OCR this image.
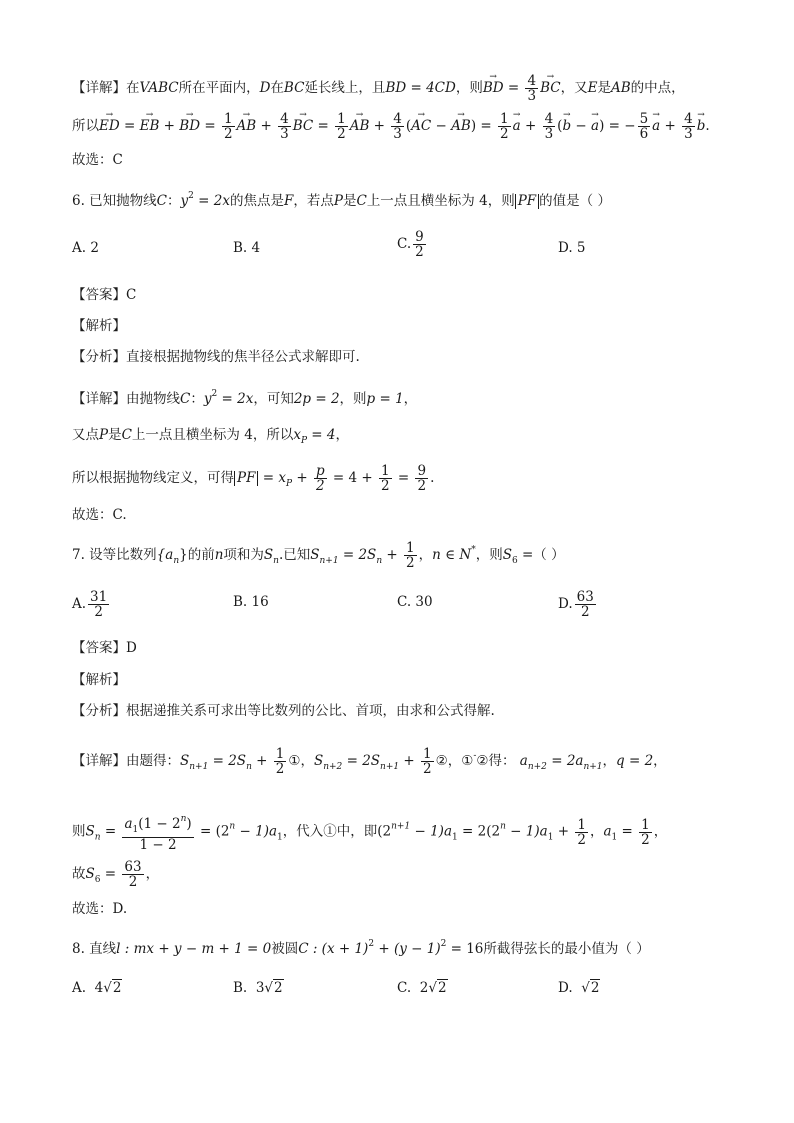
【详解】在VABC所在平面内，D在BC延长线上，且BD = 4CD，则→ BD = $\frac{4}{3}$
→ BC，又E是AB的中点，
所以→ ED = → EB + → BD = $\frac{1}{2}$
→ AB + $\frac{4}{3}$
→ BC = $\frac{1}{2}$
→ AB + $\frac{4}{3}$ (→ AC − → $AB) = \frac{1}{2}$
→ $a + \frac{4}{3}$ (→ b − → a) = − $\frac{5}{6}$
→ $a + \frac{4}{3}$
→ b.
故选：C
6. 已知抛物线C：$y^2 = 2x$的焦点是F，若点P是C上一点且横坐标为 4，则 PF 的值是（ ）
A. 2	B. 4	C. $\frac{9}{2}$	D. 5
【答案】C
【解析】
【分析】直接根据抛物线的焦半径公式求解即可.
【详解】由抛物线C：$y^2 = 2x$，可知2p = 2，则p = 1，
又点P是C上一点且横坐标为 4，所以$x_P = 4$，
所以根据抛物线定义，可得 PF = $x_P + \frac{p}{2} = 4 + \frac{1}{2} = \frac{9}{2}$ .
故选：C.
7. 设等比数列$\{a_n\}$的前n项和为$S_n$.已知$S_{n+1} = 2S_n + \frac{1}{2}$ ，n ∈ N*，则$S_6$ =（ ）
A. $\frac{31}{2}$	B. 16	C. 30	D. $\frac{63}{2}$
【答案】D
【解析】
【分析】根据递推关系可求出等比数列的公比、首项，由求和公式得解.
【详解】由题得：$S_{n+1} = 2S_n + \frac{1}{2}$ ①，$S_{n+2} = 2S_{n+1} + \frac{1}{2}$ ②，①-②得： $a_{n+2} = 2a_{n+1}$，q = 2，
则$S_n = \frac{a_1(1 - 2^n)}{1 - 2} = (2^n - 1)a_1$，代入①中，即$(2^{n+1} - 1)a_1 = 2(2^n - 1)a_1 + \frac{1}{2}$ ，$a_1 = \frac{1}{2}$ ，
故$S_6 = \frac{63}{2}$ ，
故选：D.
8. 直线l : mx + y − m + 1 = 0被圆C : $(x + 1)^2 + (y - 1)^2 = 16$所截得弦长的最小值为（ ）
A. 4√2	B. 3√2	C. 2√2	D. √2
